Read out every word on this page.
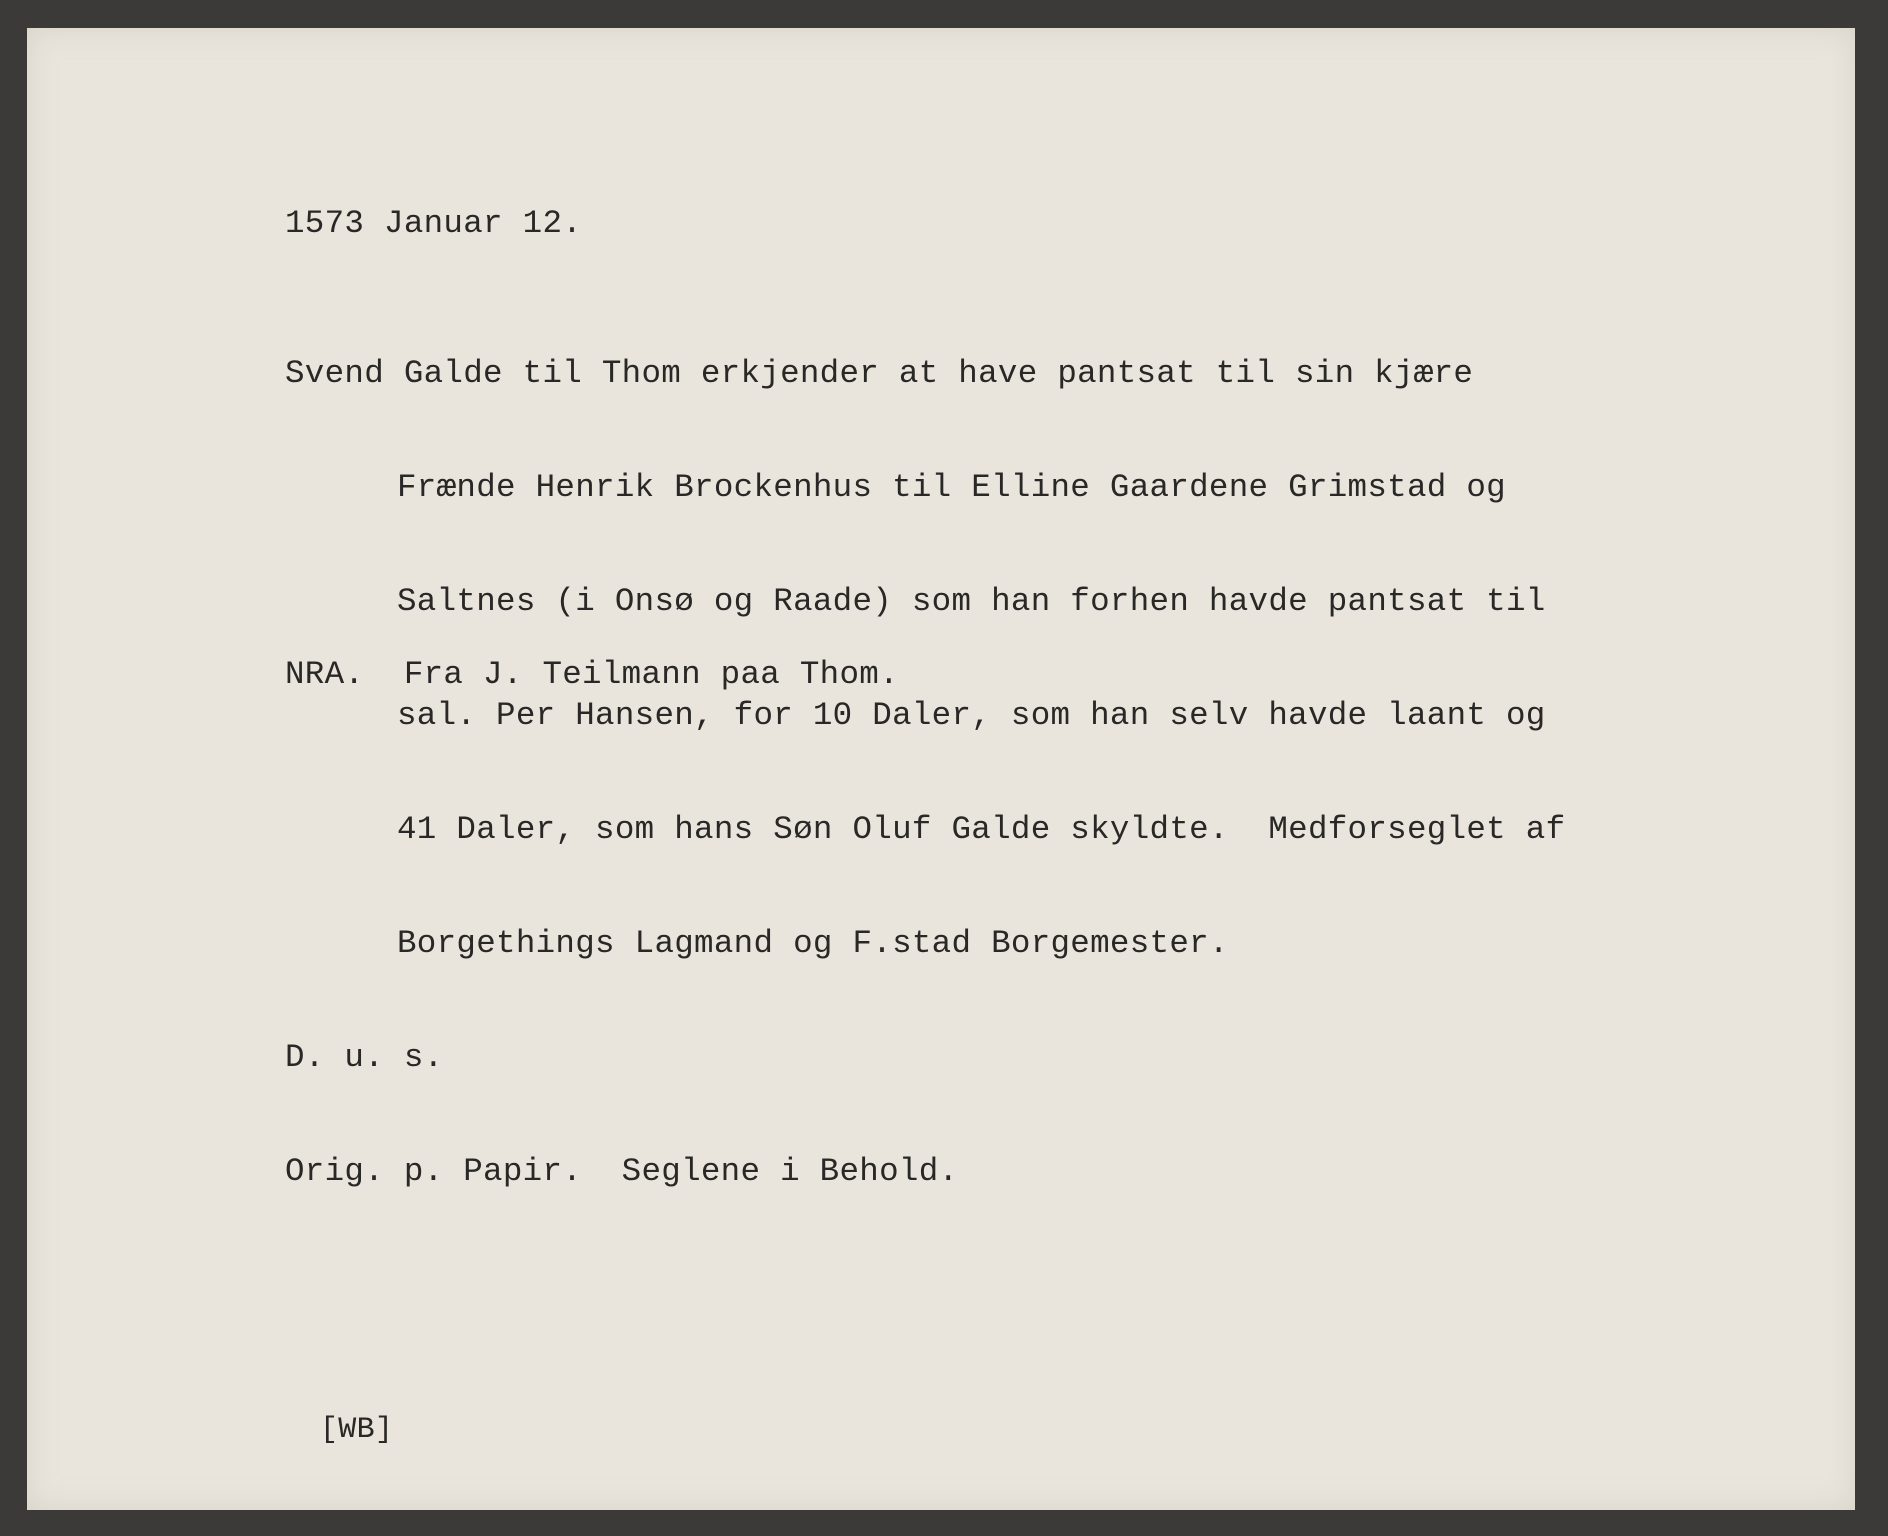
1573 Januar 12.

Svend Galde til Thom erkjender at have pantsat til sin kjære

Frænde Henrik Brockenhus til Elline Gaardene Grimstad og

Saltnes (i Onsø og Raade) som han forhen havde pantsat til

sal. Per Hansen, for 10 Daler, som han selv havde laant og

41 Daler, som hans Søn Oluf Galde skyldte.  Medforseglet af

Borgethings Lagmand og F.stad Borgemester.

D. u. s.

Orig. p. Papir.  Seglene i Behold.

NRA.  Fra J. Teilmann paa Thom.
[WB]
